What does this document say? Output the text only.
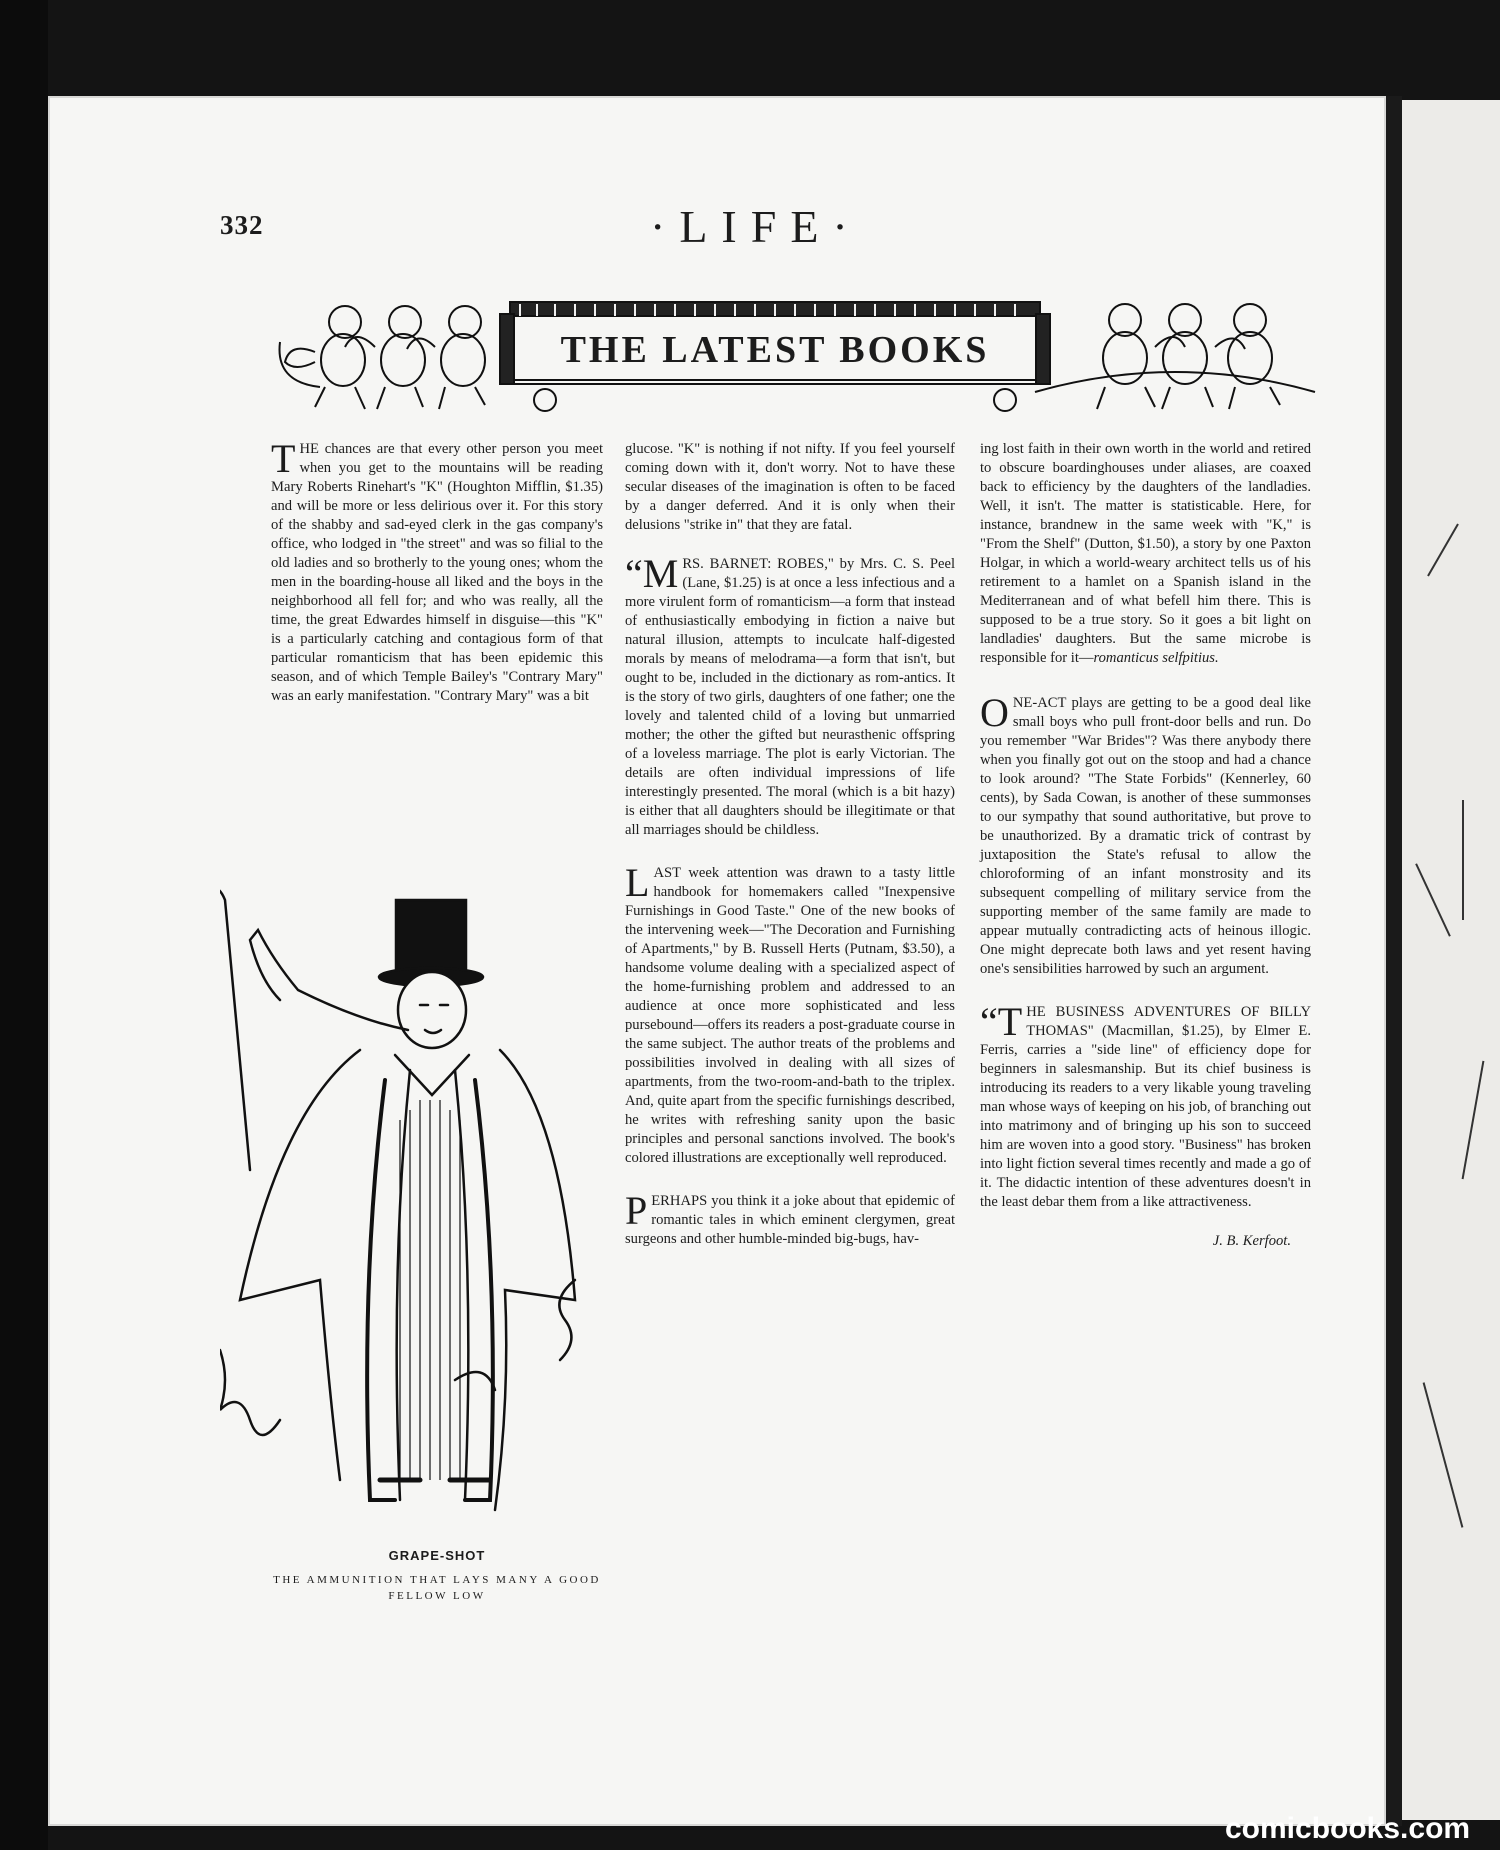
332	·LIFE·
THE LATEST BOOKS

THE chances are that every other person you meet when you get to the mountains will be reading Mary Roberts Rinehart's "K" (Houghton Mifflin, $1.35) and will be more or less delirious over it. For this story of the shabby and sad-eyed clerk in the gas company's office, who lodged in "the street" and was so filial to the old ladies and so brotherly to the young ones; whom the men in the boarding-house all liked and the boys in the neighborhood all fell for; and who was really, all the time, the great Edwardes himself in disguise—this "K" is a particularly catching and contagious form of that particular romanticism that has been epidemic this season, and of which Temple Bailey's "Contrary Mary" was an early manifestation. "Contrary Mary" was a bit

GRAPE-SHOT
THE AMMUNITION THAT LAYS MANY A GOOD FELLOW LOW

glucose. "K" is nothing if not nifty. If you feel yourself coming down with it, don't worry. Not to have these secular diseases of the imagination is often to be faced by a danger deferred. And it is only when their delusions "strike in" that they are fatal.

“MRS. BARNET: ROBES," by Mrs. C. S. Peel (Lane, $1.25) is at once a less infectious and a more virulent form of romanticism—a form that instead of enthusiastically embodying in fiction a naive but natural illusion, attempts to inculcate half-digested morals by means of melodrama—a form that isn't, but ought to be, included in the dictionary as rom-antics. It is the story of two girls, daughters of one father; one the lovely and talented child of a loving but unmarried mother; the other the gifted but neurasthenic offspring of a loveless marriage. The plot is early Victorian. The details are often individual impressions of life interestingly presented. The moral (which is a bit hazy) is either that all daughters should be illegitimate or that all marriages should be childless.

LAST week attention was drawn to a tasty little handbook for homemakers called "Inexpensive Furnishings in Good Taste." One of the new books of the intervening week—"The Decoration and Furnishing of Apartments," by B. Russell Herts (Putnam, $3.50), a handsome volume dealing with a specialized aspect of the home-furnishing problem and addressed to an audience at once more sophisticated and less pursebound—offers its readers a post-graduate course in the same subject. The author treats of the problems and possibilities involved in dealing with all sizes of apartments, from the two-room-and-bath to the triplex. And, quite apart from the specific furnishings described, he writes with refreshing sanity upon the basic principles and personal sanctions involved. The book's colored illustrations are exceptionally well reproduced.

PERHAPS you think it a joke about that epidemic of romantic tales in which eminent clergymen, great surgeons and other humble-minded big-bugs, hav-

ing lost faith in their own worth in the world and retired to obscure boardinghouses under aliases, are coaxed back to efficiency by the daughters of the landladies. Well, it isn't. The matter is statisticable. Here, for instance, brandnew in the same week with "K," is "From the Shelf" (Dutton, $1.50), a story by one Paxton Holgar, in which a world-weary architect tells us of his retirement to a hamlet on a Spanish island in the Mediterranean and of what befell him there. This is supposed to be a true story. So it goes a bit light on landladies' daughters. But the same microbe is responsible for it—romanticus selfpitius.

ONE-ACT plays are getting to be a good deal like small boys who pull front-door bells and run. Do you remember "War Brides"? Was there anybody there when you finally got out on the stoop and had a chance to look around? "The State Forbids" (Kennerley, 60 cents), by Sada Cowan, is another of these summonses to our sympathy that sound authoritative, but prove to be unauthorized. By a dramatic trick of contrast by juxtaposition the State's refusal to allow the chloroforming of an infant monstrosity and its subsequent compelling of military service from the supporting member of the same family are made to appear mutually contradicting acts of heinous illogic. One might deprecate both laws and yet resent having one's sensibilities harrowed by such an argument.

“THE BUSINESS ADVENTURES OF BILLY THOMAS" (Macmillan, $1.25), by Elmer E. Ferris, carries a "side line" of efficiency dope for beginners in salesmanship. But its chief business is introducing its readers to a very likable young traveling man whose ways of keeping on his job, of branching out into matrimony and of bringing up his son to succeed him are woven into a good story. "Business" has broken into light fiction several times recently and made a go of it. The didactic intention of these adventures doesn't in the least debar them from a like attractiveness.

J. B. Kerfoot.

comicbooks.com
